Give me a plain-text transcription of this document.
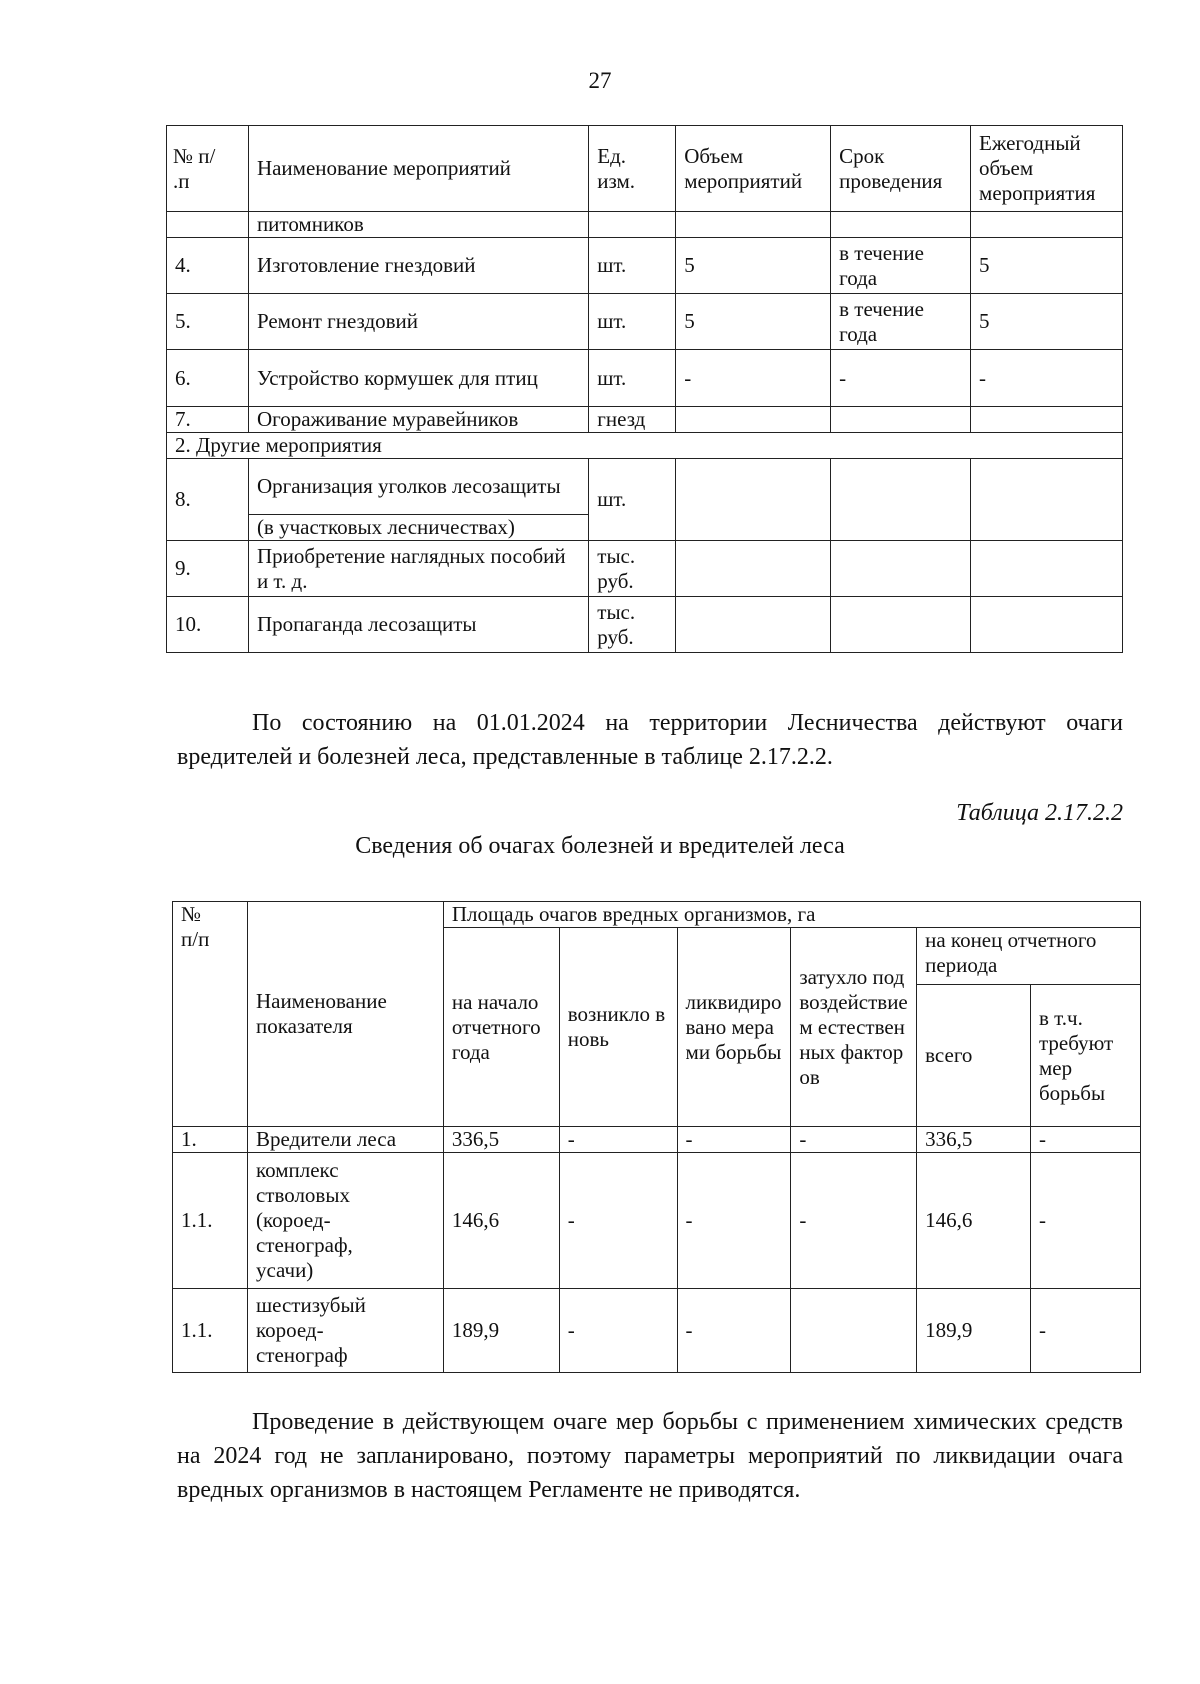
27
№ п/ .п	Наименование мероприятий	Ед. изм.	Объем мероприятий	Срок проведения	Ежегодный объем мероприятия
	питомников				
4.	Изготовление гнездовий	шт.	5	в течение года	5
5.	Ремонт гнездовий	шт.	5	в течение года	5
6.	Устройство кормушек для птиц	шт.	-	-	-
7.	Огораживание муравейников	гнезд			
2. Другие мероприятия					
8.	Организация уголков лесозащиты	шт.			
	(в участковых лесничествах)				
9.	Приобретение наглядных пособий и т. д.	тыс. руб.			
10.	Пропаганда лесозащиты	тыс. руб.			

По состоянию на 01.01.2024 на территории Лесничества действуют очаги вредителей и болезней леса, представленные в таблице 2.17.2.2.

Таблица 2.17.2.2
Сведения об очагах болезней и вредителей леса
№ п/п	Наименование показателя	Площадь очагов вредных организмов, га					
		на начало отчетного года	возникло вновь	ликвидировано мерами борьбы	затухло под воздействием естественных факторов	на конец отчетного периода	
						всего	в т.ч. требуют мер борьбы
1.	Вредители леса	336,5	-	-	-	336,5	-
1.1.	комплекс стволовых (короед-стенограф, усачи)	146,6	-	-	-	146,6	-
1.1.	шестизубый короед-стенограф	189,9	-	-		189,9	-

Проведение в действующем очаге мер борьбы с применением химических средств на 2024 год не запланировано, поэтому параметры мероприятий по ликвидации очага вредных организмов в настоящем Регламенте не приводятся.
